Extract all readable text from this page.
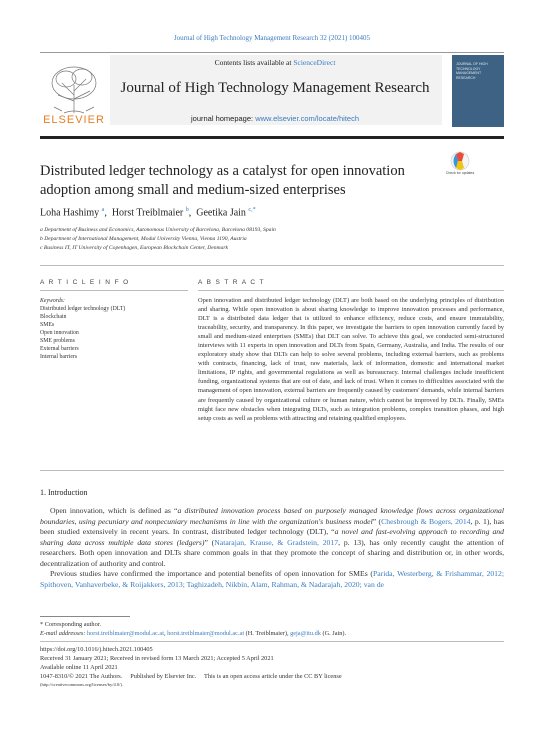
Journal of High Technology Management Research 32 (2021) 100405
ELSEVIER
Contents lists available at ScienceDirect
Journal of High Technology Management Research
journal homepage: www.elsevier.com/locate/hitech
JOURNAL OF HIGH TECHNOLOGY MANAGEMENT RESEARCH
Check for updates
Distributed ledger technology as a catalyst for open innovation
adoption among small and medium-sized enterprises
Loha Hashimy $^a$,  Horst Treiblmaier $^b$,  Geetika Jain $^{c,*}$
a Department of Business and Economics, Autonomous University of Barcelona, Barcelona 08193, Spain
b Department of International Management, Modul University Vienna, Vienna 1190, Austria
c Business IT, IT University of Copenhagen, European Blockchain Center, Denmark
A R T I C L E I N F O	A B S T R A C T
Keywords:
Distributed ledger technology (DLT)
Blockchain
SMEs
Open innovation
SME problems
External barriers
Internal barriers
Open innovation and distributed ledger technology (DLT) are both based on the underlying principles of distribution and sharing. While open innovation is about sharing knowledge to improve innovation processes and performance, DLT is a distributed data ledger that is utilized to enhance efficiency, reduce costs, and ensure immutability, traceability, security, and transparency. In this paper, we investigate the barriers to open innovation currently faced by small and medium-sized enterprises (SMEs) that DLT can solve. To achieve this goal, we conducted semi-structured interviews with 11 experts in open innovation and DLTs from Spain, Germany, Australia, and India. The results of our exploratory study show that DLTs can help to solve several problems, including external barriers, such as problems with contracts, financing, lack of trust, raw materials, lack of information, domestic and international market limitations, IP rights, and governmental regulations as well as bureaucracy. Internal challenges include insufficient funding, organizational systems that are out of date, and lack of trust. When it comes to difficulties associated with the management of open innovation, external barriers are frequently caused by customers' demands, while internal barriers are frequently caused by organizational culture or human nature, which cannot be improved by DLTs. Finally, SMEs might face new obstacles when integrating DLTs, such as integration problems, complex transition phases, and high setup costs as well as problems with attracting and retaining qualified employees.
1. Introduction

Open innovation, which is defined as “a distributed innovation process based on purposely managed knowledge flows across organizational boundaries, using pecuniary and nonpecuniary mechanisms in line with the organization's business model” (Chesbrough & Bogers, 2014, p. 1), has been studied extensively in recent years. In contrast, distributed ledger technology (DLT), “a novel and fast-evolving approach to recording and sharing data across multiple data stores (ledgers)” (Natarajan, Krause, & Gradstein, 2017, p. 13), has only recently caught the attention of researchers. Both open innovation and DLTs share common goals in that they promote the concept of sharing and distribution or, in other words, decentralization of authority and control.

Previous studies have confirmed the importance and potential benefits of open innovation for SMEs (Parida, Westerberg, & Frishammar, 2012; Spithoven, Vanhaverbeke, & Roijakkers, 2013; Taghizadeh, Nikbin, Alam, Rahman, & Nadarajah, 2020; van de

* Corresponding author.
E-mail addresses: horst.treiblmaier@modul.ac.at, horst.treiblmaier@modul.ac.at (H. Treiblmaier), geja@itu.dk (G. Jain).
https://doi.org/10.1016/j.hitech.2021.100405
Received 31 January 2021; Received in revised form 13 March 2021; Accepted 5 April 2021
Available online 11 April 2021
1047-8310/© 2021 The Authors.     Published by Elsevier Inc.     This is an open access article under the CC BY license
(http://creativecommons.org/licenses/by/4.0/).
